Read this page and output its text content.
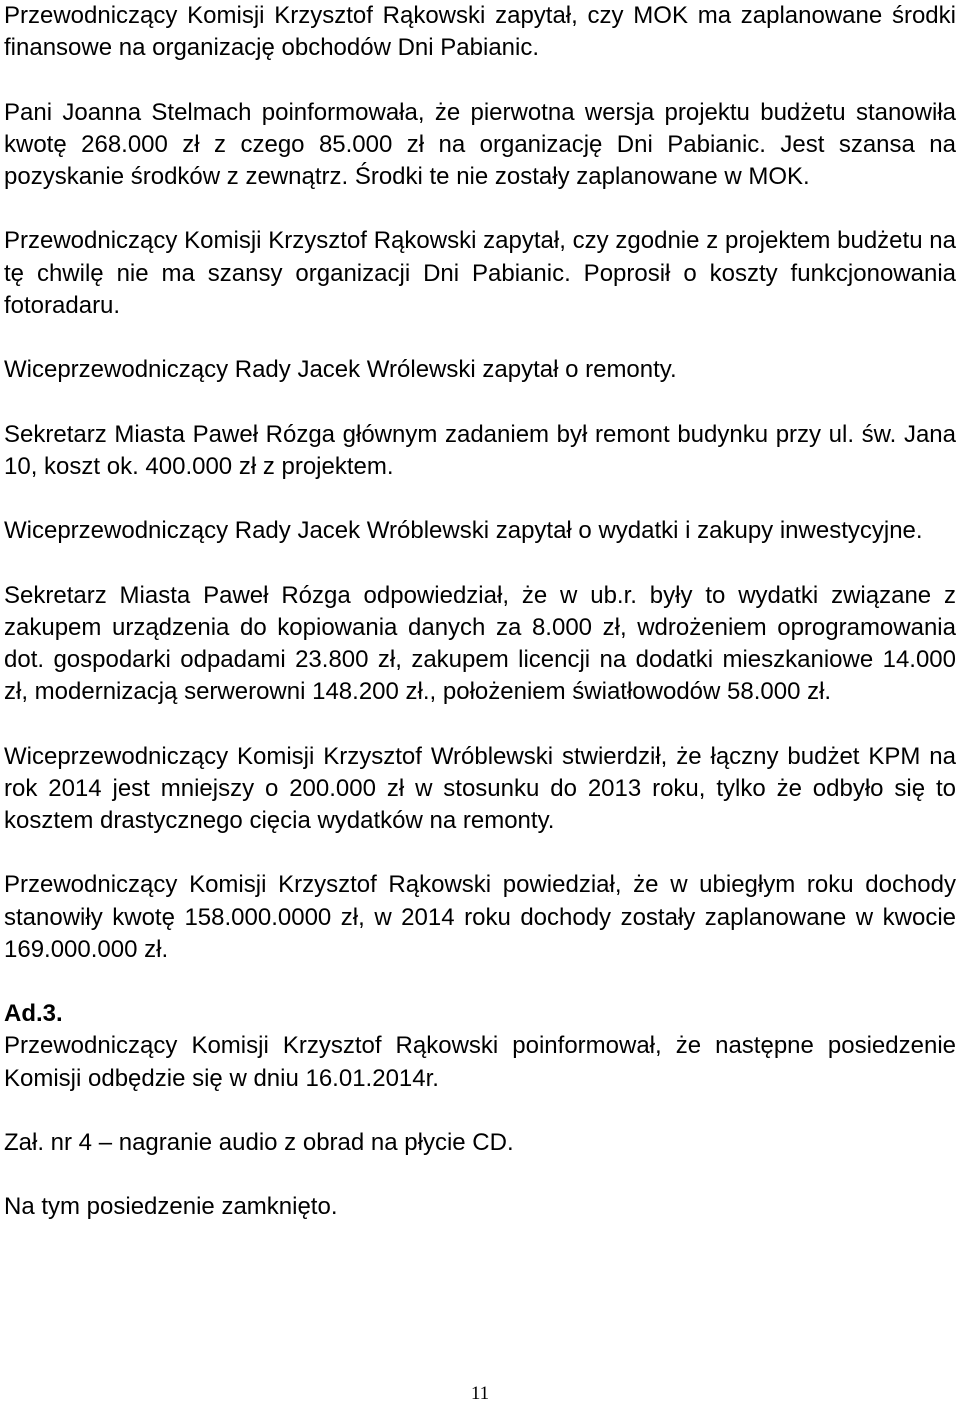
Przewodniczący Komisji Krzysztof Rąkowski zapytał, czy MOK ma zaplanowane środki finansowe na organizację obchodów Dni Pabianic.

Pani Joanna Stelmach poinformowała, że pierwotna wersja projektu budżetu stanowiła kwotę 268.000 zł z czego 85.000 zł na organizację Dni Pabianic. Jest szansa na pozyskanie środków z zewnątrz. Środki te nie zostały zaplanowane w MOK.

Przewodniczący Komisji Krzysztof Rąkowski zapytał, czy zgodnie z projektem budżetu na tę chwilę nie ma szansy organizacji Dni Pabianic. Poprosił o koszty funkcjonowania fotoradaru.

Wiceprzewodniczący Rady Jacek Wrólewski zapytał o remonty.

Sekretarz Miasta Paweł Rózga głównym zadaniem był remont budynku przy ul. św. Jana 10, koszt ok. 400.000 zł z projektem.

Wiceprzewodniczący Rady Jacek Wróblewski zapytał o wydatki i zakupy inwestycyjne.

Sekretarz Miasta Paweł Rózga odpowiedział, że w ub.r. były to wydatki związane z zakupem urządzenia do kopiowania danych za 8.000 zł, wdrożeniem oprogramowania dot. gospodarki odpadami 23.800 zł, zakupem licencji na dodatki mieszkaniowe 14.000 zł, modernizacją serwerowni 148.200 zł., położeniem światłowodów 58.000 zł.

Wiceprzewodniczący Komisji Krzysztof Wróblewski stwierdził, że łączny budżet KPM na rok 2014 jest mniejszy o 200.000 zł w stosunku do 2013 roku, tylko że odbyło się to kosztem drastycznego cięcia wydatków na remonty.

Przewodniczący Komisji Krzysztof Rąkowski powiedział, że w ubiegłym roku dochody stanowiły kwotę 158.000.0000 zł, w 2014 roku dochody zostały zaplanowane w kwocie 169.000.000 zł.

Ad.3.

Przewodniczący Komisji Krzysztof Rąkowski poinformował, że następne posiedzenie Komisji odbędzie się w dniu 16.01.2014r.

Zał. nr 4 – nagranie audio z obrad na płycie CD.

Na tym posiedzenie zamknięto.

11
